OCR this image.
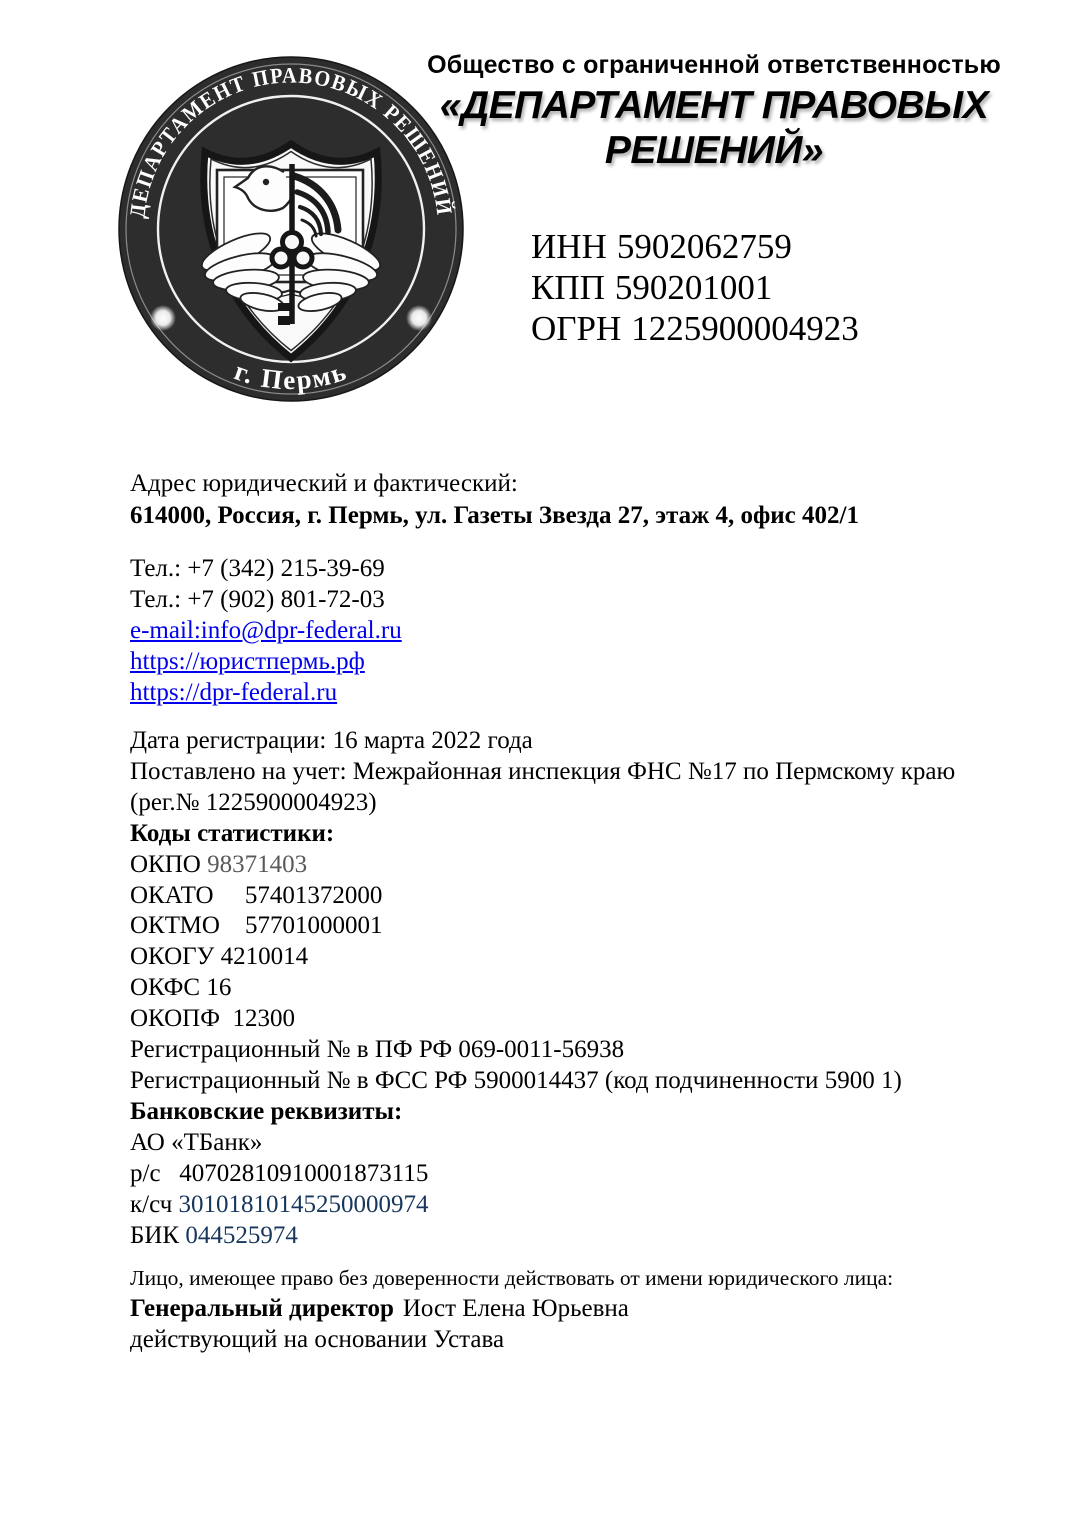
ДЕПАРТАМЕНТ ПРАВОВЫХ РЕШЕНИЙ
г. Пермь
Общество с ограниченной ответственностью
«ДЕПАРТАМЕНТ ПРАВОВЫХ РЕШЕНИЙ»
ИНН 5902062759
КПП 590201001
ОГРН 1225900004923

Адрес юридический и фактический:

614000, Россия, г. Пермь, ул. Газеты Звезда 27, этаж 4, офис 402/1

Тел.: +7 (342) 215-39-69

Тел.: +7 (902) 801-72-03

e-mail:info@dpr-federal.ru

https://юристпермь.рф

https://dpr-federal.ru

Дата регистрации: 16 марта 2022 года

Поставлено на учет: Межрайонная инспекция ФНС №17 по Пермскому краю

(рег.№ 1225900004923)

Коды статистики:

ОКПО 98371403

ОКАТО 57401372000

ОКТМО 57701000001

ОКОГУ 4210014

ОКФС 16

ОКОПФ 12300

Регистрационный № в ПФ РФ 069-0011-56938

Регистрационный № в ФСС РФ 5900014437 (код подчиненности 5900 1)

Банковские реквизиты:

АО «ТБанк»

р/с 40702810910001873115

к/сч 30101810145250000974

БИК 044525974

Лицо, имеющее право без доверенности действовать от имени юридического лица:

Генеральный директор Иост Елена Юрьевна

действующий на основании Устава
